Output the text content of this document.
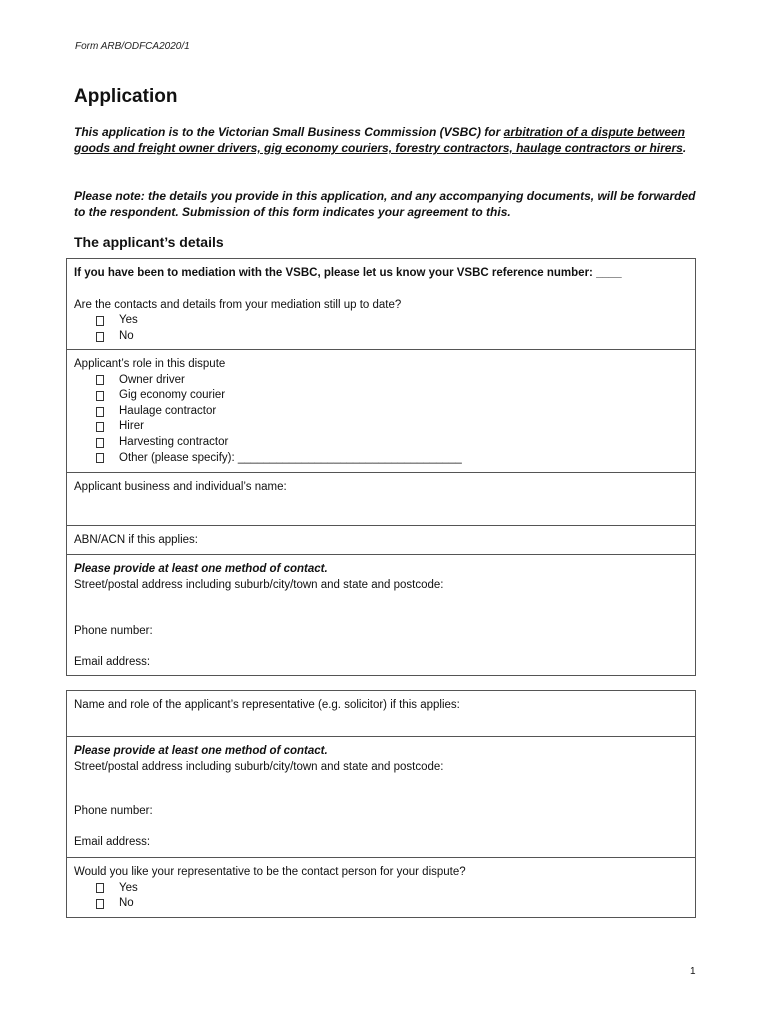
Form ARB/ODFCA2020/1
Application

This application is to the Victorian Small Business Commission (VSBC) for arbitration of a dispute between goods and freight owner drivers, gig economy couriers, forestry contractors, haulage contractors or hirers.

Please note: the details you provide in this application, and any accompanying documents, will be forwarded to the respondent. Submission of this form indicates your agreement to this.

The applicant’s details
If you have been to mediation with the VSBC, please let us know your VSBC reference number: ____
Are the contacts and details from your mediation still up to date?
Yes
No
Applicant’s role in this dispute
Owner driver
Gig economy courier
Haulage contractor
Hirer
Harvesting contractor
Other (please specify): ___________________________________
Applicant business and individual’s name:
ABN/ACN if this applies:
Please provide at least one method of contact.
Street/postal address including suburb/city/town and state and postcode:
Phone number:
Email address:
Name and role of the applicant’s representative (e.g. solicitor) if this applies:
Please provide at least one method of contact.
Street/postal address including suburb/city/town and state and postcode:
Phone number:
Email address:
Would you like your representative to be the contact person for your dispute?
Yes
No
1
